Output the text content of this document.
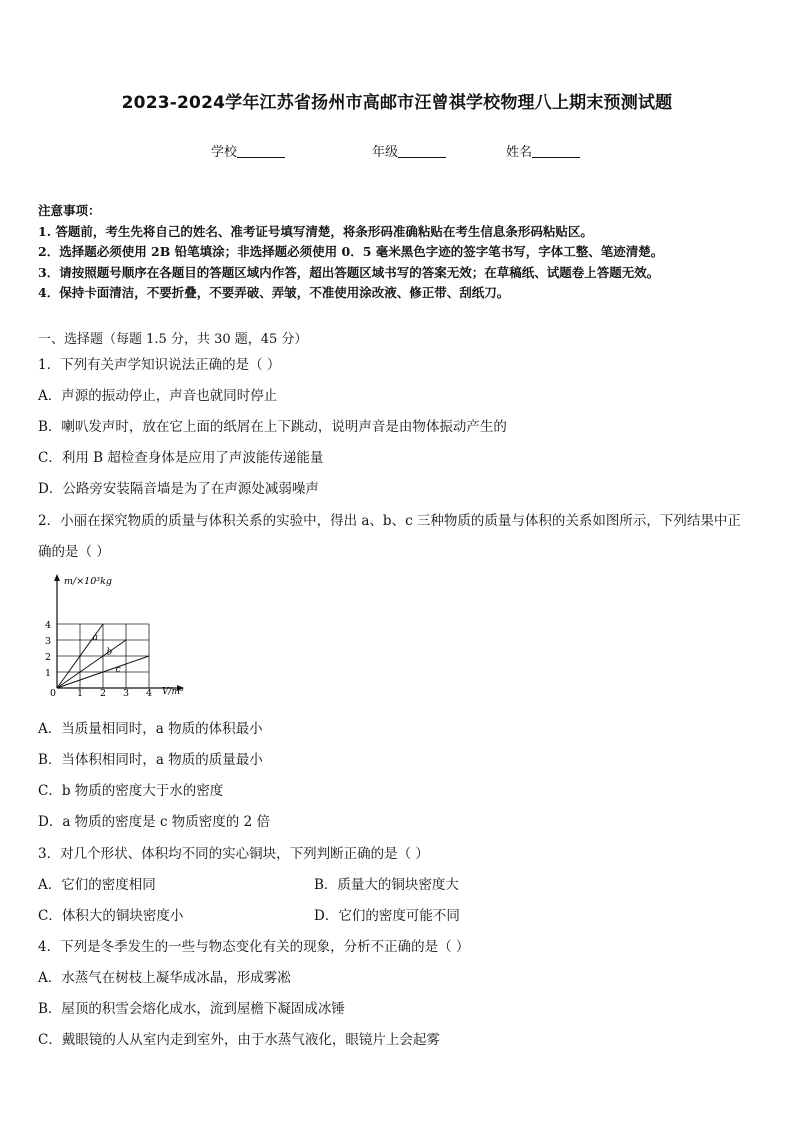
2023-2024学年江苏省扬州市高邮市汪曾祺学校物理八上期末预测试题
学校	年级	姓名
注意事项：
1. 答题前，考生先将自己的姓名、准考证号填写清楚，将条形码准确粘贴在考生信息条形码粘贴区。
2．选择题必须使用 2B 铅笔填涂；非选择题必须使用 0．5 毫米黑色字迹的签字笔书写，字体工整、笔迹清楚。
3．请按照题号顺序在各题目的答题区域内作答，超出答题区域书写的答案无效；在草稿纸、试题卷上答题无效。
4．保持卡面清洁，不要折叠，不要弄破、弄皱，不准使用涂改液、修正带、刮纸刀。
一、选择题（每题 1.5 分，共 30 题，45 分）
1．下列有关声学知识说法正确的是（ ）
A．声源的振动停止，声音也就同时停止
B．喇叭发声时，放在它上面的纸屑在上下跳动，说明声音是由物体振动产生的
C．利用 B 超检查身体是应用了声波能传递能量
D．公路旁安装隔音墙是为了在声源处减弱噪声
2．小丽在探究物质的质量与体积关系的实验中，得出 a、b、c 三种物质的质量与体积的关系如图所示，下列结果中正
确的是（ ）
a
b
c
0 1 2 3 4
1
2
3
4
m/×10³kg
V/m³
A．当质量相同时，a 物质的体积最小
B．当体积相同时，a 物质的质量最小
C．b 物质的密度大于水的密度
D．a 物质的密度是 c 物质密度的 2 倍
3．对几个形状、体积均不同的实心铜块，下列判断正确的是（ ）
A．它们的密度相同	B．质量大的铜块密度大
C．体积大的铜块密度小	D．它们的密度可能不同
4．下列是冬季发生的一些与物态变化有关的现象，分析不正确的是（ ）
A．水蒸气在树枝上凝华成冰晶，形成雾凇
B．屋顶的积雪会熔化成水，流到屋檐下凝固成冰锤
C．戴眼镜的人从室内走到室外，由于水蒸气液化，眼镜片上会起雾
